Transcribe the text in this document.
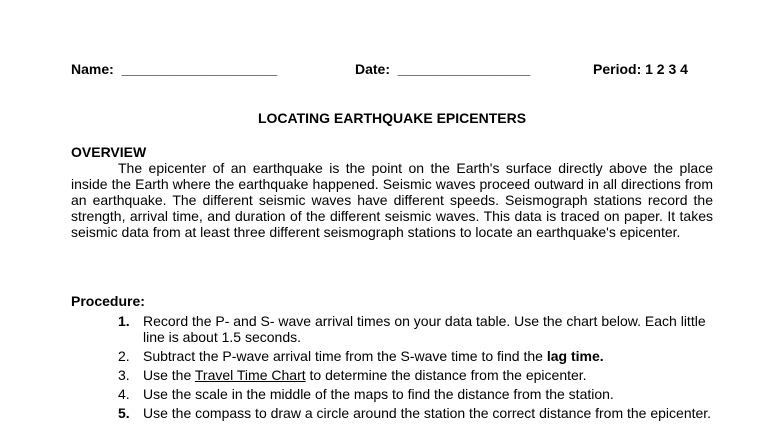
Name:  ____________________	Date:  _________________	Period: 1 2 3 4
LOCATING EARTHQUAKE EPICENTERS
OVERVIEW

The epicenter of an earthquake is the point on the Earth's surface directly above the place inside the Earth where the earthquake happened. Seismic waves proceed outward in all directions from an earthquake. The different seismic waves have different speeds. Seismograph stations record the strength, arrival time, and duration of the different seismic waves. This data is traced on paper. It takes seismic data from at least three different seismograph stations to locate an earthquake's epicenter.

Procedure:
1. Record the P- and S- wave arrival times on your data table. Use the chart below. Each little line is about 1.5 seconds.
2. Subtract the P-wave arrival time from the S-wave time to find the lag time.
3. Use the Travel Time Chart to determine the distance from the epicenter.
4. Use the scale in the middle of the maps to find the distance from the station.
5. Use the compass to draw a circle around the station the correct distance from the epicenter.
